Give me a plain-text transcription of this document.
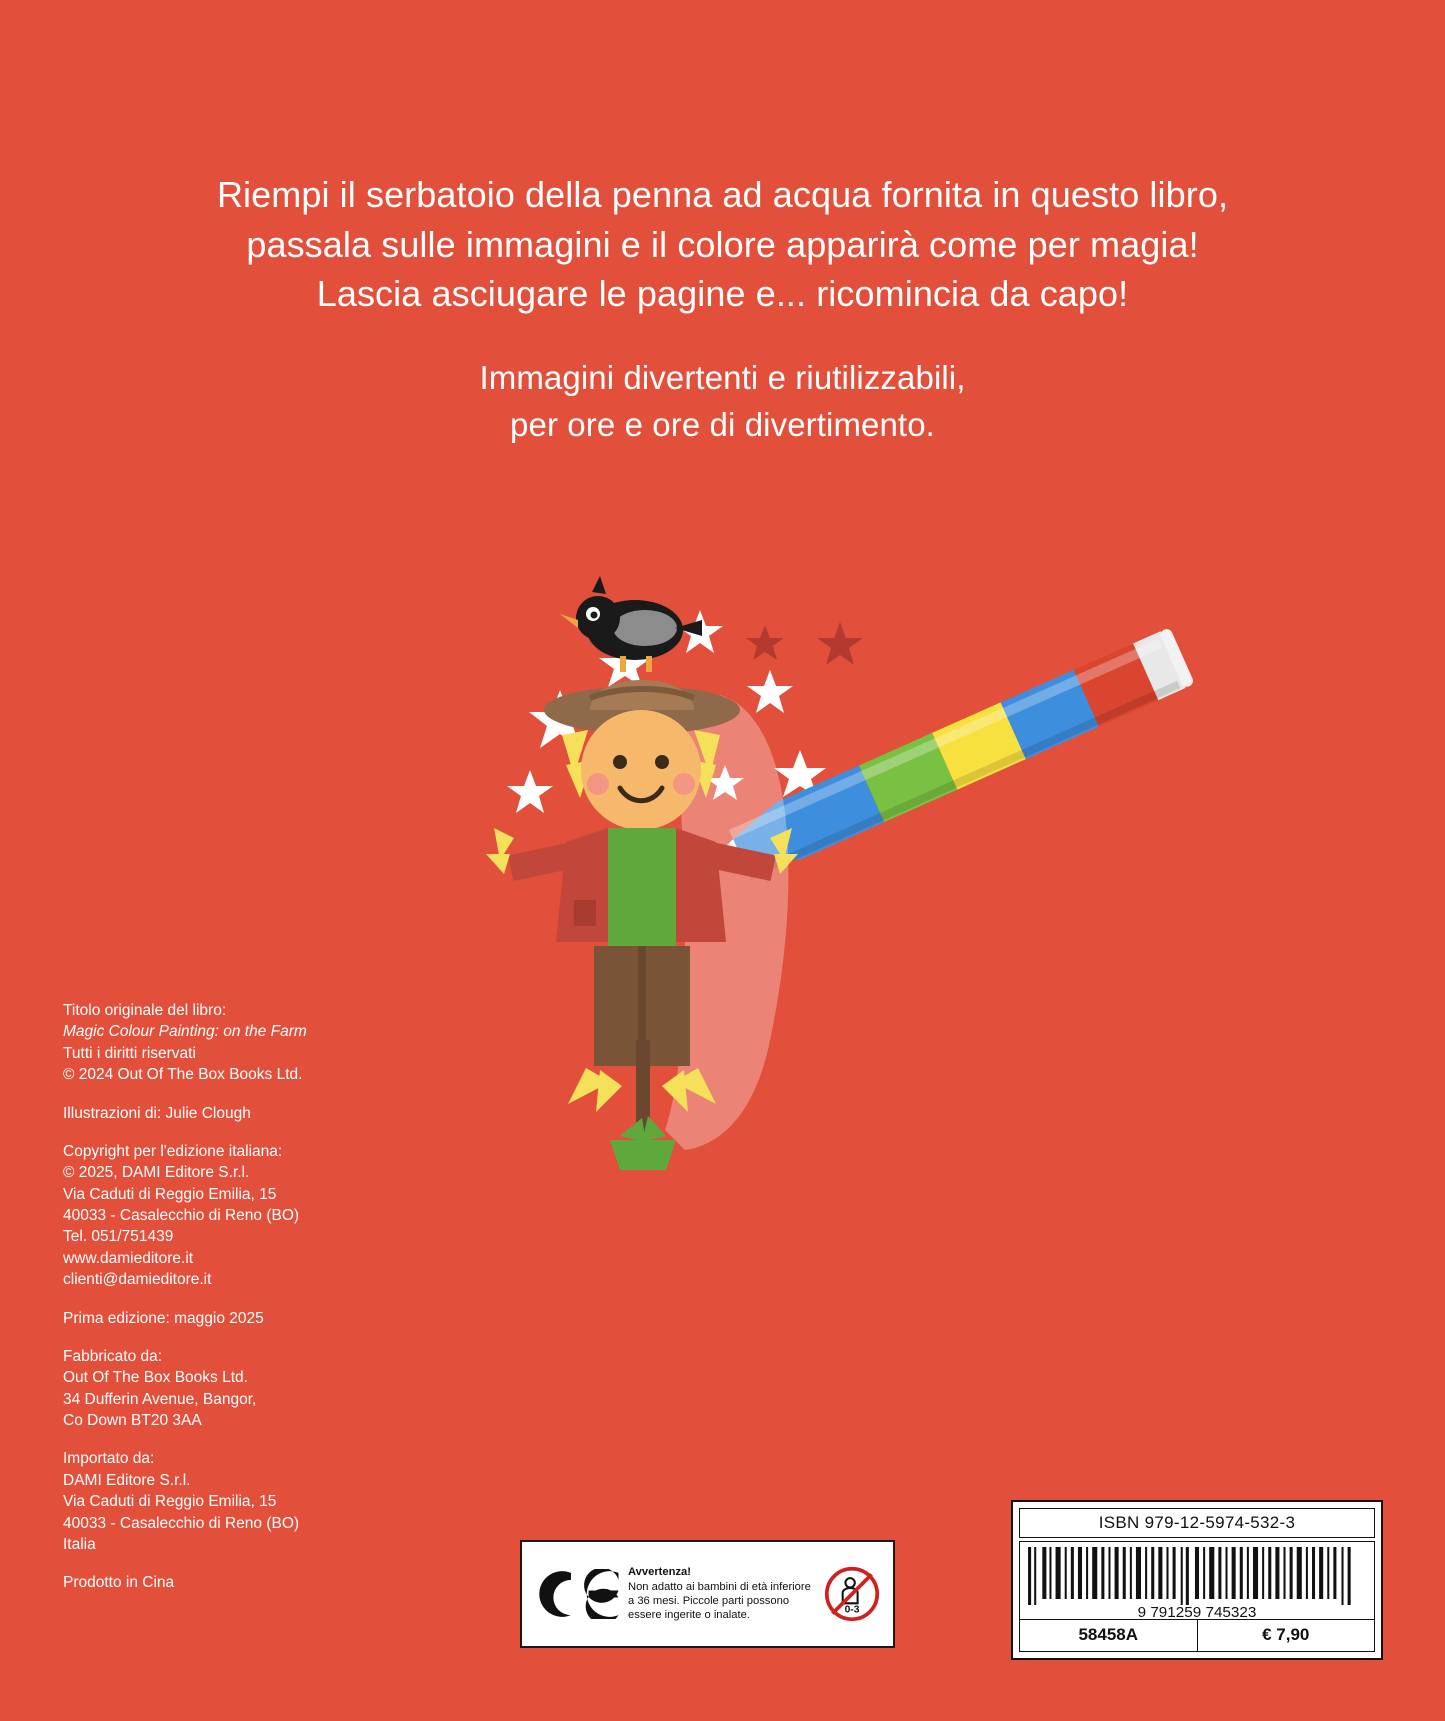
Riempi il serbatoio della penna ad acqua fornita in questo libro,
passala sulle immagini e il colore apparirà come per magia!
Lascia asciugare le pagine e... ricomincia da capo!
Immagini divertenti e riutilizzabili,
per ore e ore di divertimento.

Titolo originale del libro:
Magic Colour Painting: on the Farm
Tutti i diritti riservati
© 2024 Out Of The Box Books Ltd.

Illustrazioni di: Julie Clough

Copyright per l'edizione italiana:
© 2025, DAMI Editore S.r.l.
Via Caduti di Reggio Emilia, 15
40033 - Casalecchio di Reno (BO)
Tel. 051/751439
www.damieditore.it
clienti@damieditore.it

Prima edizione: maggio 2025

Fabbricato da:
Out Of The Box Books Ltd.
34 Dufferin Avenue, Bangor,
Co Down BT20 3AA

Importato da:
DAMI Editore S.r.l.
Via Caduti di Reggio Emilia, 15
40033 - Casalecchio di Reno (BO)
Italia

Prodotto in Cina

Avvertenza!
Non adatto ai bambini di età inferiore
a 36 mesi. Piccole parti possono
essere ingerite o inalate.	0-3
ISBN 979-12-5974-532-3
9 791259 745323
58458A	€ 7,90
